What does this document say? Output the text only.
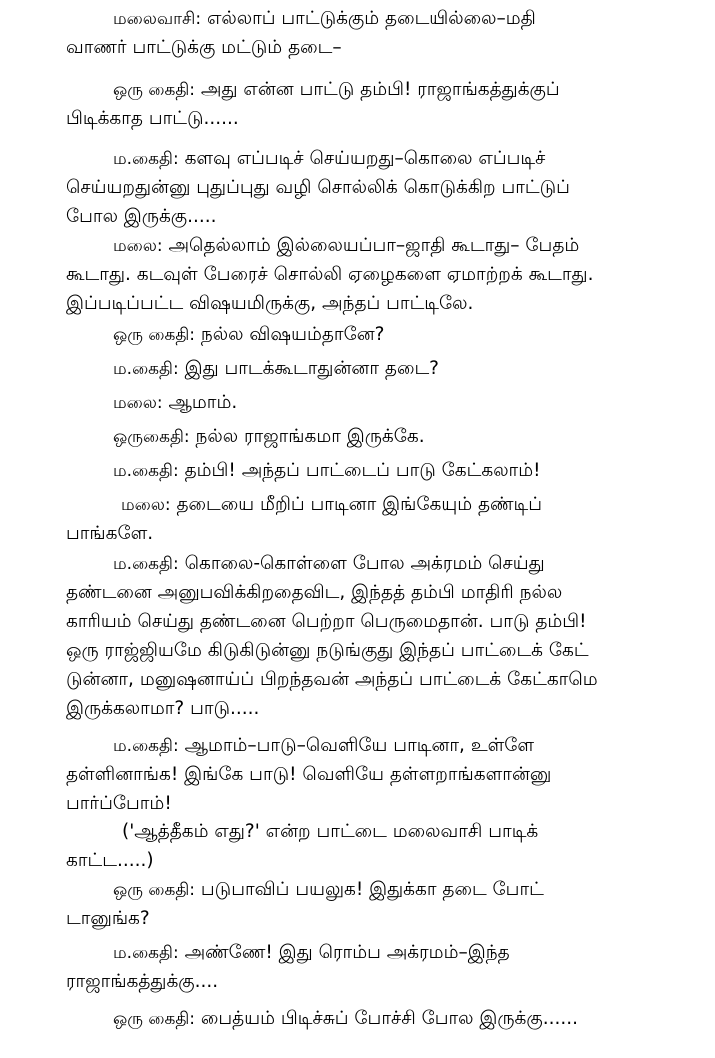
மலைவாசி: எல்லாப் பாட்டுக்கும் தடையில்லை–மதி
வாணர் பாட்டுக்கு மட்டும் தடை–
ஒரு கைதி: அது என்ன பாட்டு தம்பி! ராஜாங்கத்துக்குப்
பிடிக்காத பாட்டு......
ம.கைதி: களவு எப்படிச் செய்யறது–கொலை எப்படிச்
செய்யறதுன்னு புதுப்புது வழி சொல்லிக் கொடுக்கிற பாட்டுப்
போல இருக்கு.....
மலை: அதெல்லாம் இல்லையப்பா–ஜாதி கூடாது– பேதம்
கூடாது. கடவுள் பேரைச் சொல்லி ஏழைகளை ஏமாற்றக் கூடாது.
இப்படிப்பட்ட விஷயமிருக்கு, அந்தப் பாட்டிலே.
ஒரு கைதி: நல்ல விஷயம்தானே?
ம.கைதி: இது பாடக்கூடாதுன்னா தடை?
மலை: ஆமாம்.
ஒருகைதி: நல்ல ராஜாங்கமா இருக்கே.
ம.கைதி: தம்பி! அந்தப் பாட்டைப் பாடு கேட்கலாம்!
மலை: தடையை மீறிப் பாடினா இங்கேயும் தண்டிப்
பாங்களே.
ம.கைதி: கொலை-கொள்ளை போல அக்ரமம் செய்து
தண்டனை அனுபவிக்கிறதைவிட, இந்தத் தம்பி மாதிரி நல்ல
காரியம் செய்து தண்டனை பெற்றா பெருமைதான். பாடு தம்பி!
ஒரு ராஜ்ஜியமே கிடுகிடுன்னு நடுங்குது இந்தப் பாட்டைக் கேட்
டுன்னா, மனுஷனாய்ப் பிறந்தவன் அந்தப் பாட்டைக் கேட்காமெ
இருக்கலாமா? பாடு.....
ம.கைதி: ஆமாம்–பாடு–வெளியே பாடினா, உள்ளே
தள்ளினாங்க! இங்கே பாடு! வெளியே தள்ளறாங்களான்னு
பார்ப்போம்!
('ஆத்தீகம் எது?' என்ற பாட்டை மலைவாசி பாடிக்
காட்ட.....)
ஒரு கைதி: படுபாவிப் பயலுக! இதுக்கா தடை போட்
டானுங்க?
ம.கைதி: அண்ணே! இது ரொம்ப அக்ரமம்–இந்த
ராஜாங்கத்துக்கு....
ஒரு கைதி: பைத்யம் பிடிச்சுப் போச்சி போல இருக்கு......
